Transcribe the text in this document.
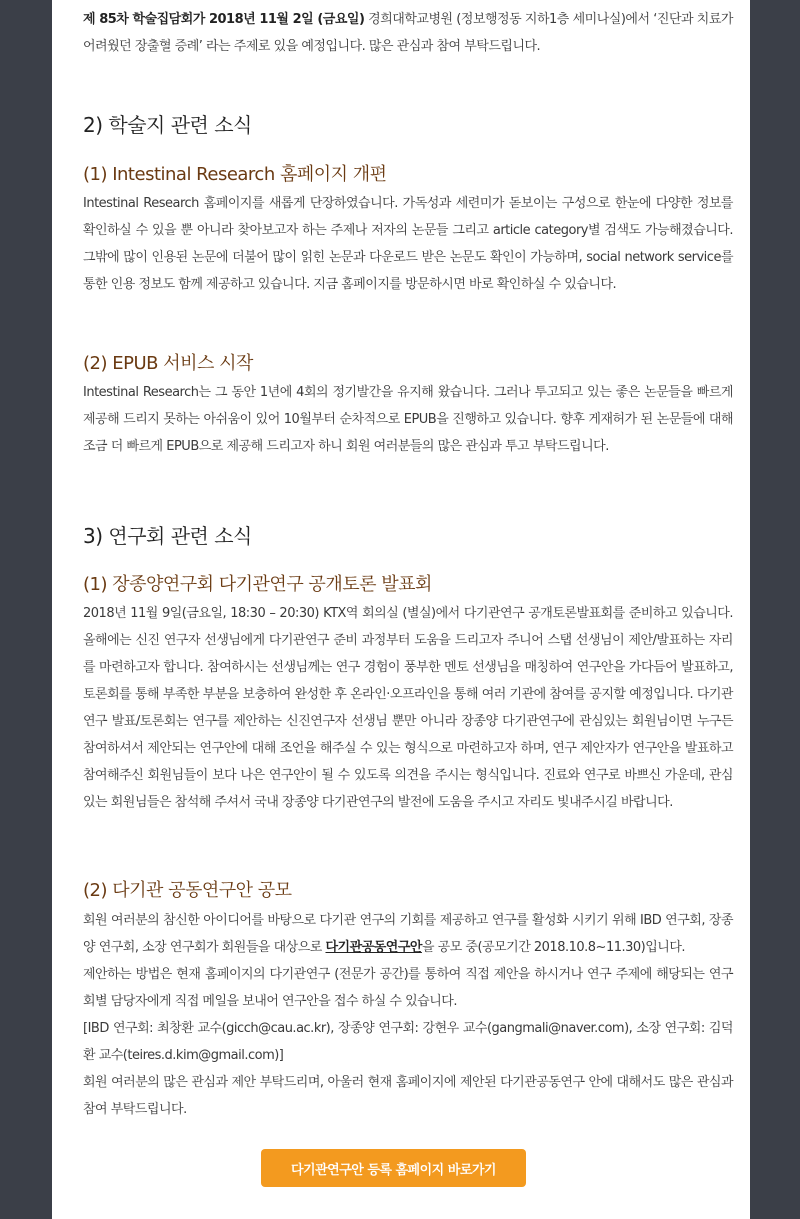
제 85차 학술집담회가 2018년 11월 2일 (금요일) 경희대학교병원 (정보행정동 지하1층 세미나실)에서 ‘진단과 치료가 어려웠던 장출혈 증례’ 라는 주제로 있을 예정입니다. 많은 관심과 참여 부탁드립니다.

2) 학술지 관련 소식
(1) Intestinal Research 홈페이지 개편

Intestinal Research 홈페이지를 새롭게 단장하였습니다. 가독성과 세련미가 돋보이는 구성으로 한눈에 다양한 정보를 확인하실 수 있을 뿐 아니라 찾아보고자 하는 주제나 저자의 논문들 그리고 article category별 검색도 가능해졌습니다. 그밖에 많이 인용된 논문에 더불어 많이 읽힌 논문과 다운로드 받은 논문도 확인이 가능하며, social network service를 통한 인용 정보도 함께 제공하고 있습니다. 지금 홈페이지를 방문하시면 바로 확인하실 수 있습니다.

(2) EPUB 서비스 시작

Intestinal Research는 그 동안 1년에 4회의 정기발간을 유지해 왔습니다. 그러나 투고되고 있는 좋은 논문들을 빠르게 제공해 드리지 못하는 아쉬움이 있어 10월부터 순차적으로 EPUB을 진행하고 있습니다. 향후 게재허가 된 논문들에 대해 조금 더 빠르게 EPUB으로 제공해 드리고자 하니 회원 여러분들의 많은 관심과 투고 부탁드립니다.

3) 연구회 관련 소식
(1) 장종양연구회 다기관연구 공개토론 발표회

2018년 11월 9일(금요일, 18:30 – 20:30) KTX역 회의실 (별실)에서 다기관연구 공개토론발표회를 준비하고 있습니다. 올해에는 신진 연구자 선생님에게 다기관연구 준비 과정부터 도움을 드리고자 주니어 스탭 선생님이 제안/발표하는 자리를 마련하고자 합니다. 참여하시는 선생님께는 연구 경험이 풍부한 멘토 선생님을 매칭하여 연구안을 가다듬어 발표하고, 토론회를 통해 부족한 부분을 보충하여 완성한 후 온라인·오프라인을 통해 여러 기관에 참여를 공지할 예정입니다. 다기관연구 발표/토론회는 연구를 제안하는 신진연구자 선생님 뿐만 아니라 장종양 다기관연구에 관심있는 회원님이면 누구든 참여하셔서 제안되는 연구안에 대해 조언을 해주실 수 있는 형식으로 마련하고자 하며, 연구 제안자가 연구안을 발표하고 참여해주신 회원님들이 보다 나은 연구안이 될 수 있도록 의견을 주시는 형식입니다. 진료와 연구로 바쁘신 가운데, 관심있는 회원님들은 참석해 주셔서 국내 장종양 다기관연구의 발전에 도움을 주시고 자리도 빛내주시길 바랍니다.

(2) 다기관 공동연구안 공모

회원 여러분의 참신한 아이디어를 바탕으로 다기관 연구의 기회를 제공하고 연구를 활성화 시키기 위해 IBD 연구회, 장종양 연구회, 소장 연구회가 회원들을 대상으로 다기관공동연구안을 공모 중(공모기간 2018.10.8~11.30)입니다.

제안하는 방법은 현재 홈페이지의 다기관연구 (전문가 공간)를 통하여 직접 제안을 하시거나 연구 주제에 해당되는 연구회별 담당자에게 직접 메일을 보내어 연구안을 접수 하실 수 있습니다.

[IBD 연구회: 최창환 교수(gicch@cau.ac.kr), 장종양 연구회: 강현우 교수(gangmali@naver.com), 소장 연구회: 김덕환 교수(teires.d.kim@gmail.com)]

회원 여러분의 많은 관심과 제안 부탁드리며, 아울러 현재 홈페이지에 제안된 다기관공동연구 안에 대해서도 많은 관심과 참여 부탁드립니다.

다기관연구안 등록 홈페이지 바로가기
